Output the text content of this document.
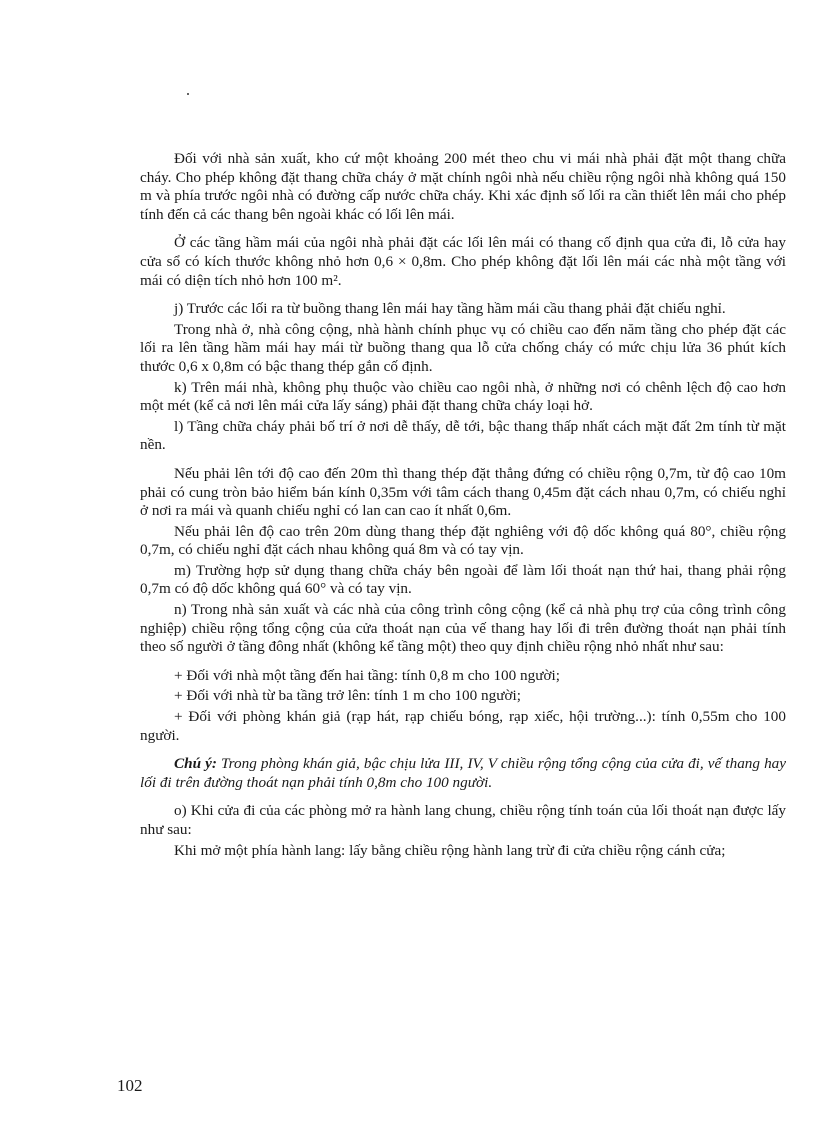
Đối với nhà sản xuất, kho cứ một khoảng 200 mét theo chu vi mái nhà phải đặt một thang chữa cháy. Cho phép không đặt thang chữa cháy ở mặt chính ngôi nhà nếu chiều rộng ngôi nhà không quá 150 m và phía trước ngôi nhà có đường cấp nước chữa cháy. Khi xác định số lối ra cần thiết lên mái cho phép tính đến cả các thang bên ngoài khác có lối lên mái.

Ở các tầng hầm mái của ngôi nhà phải đặt các lối lên mái có thang cố định qua cửa đi, lỗ cửa hay cửa sổ có kích thước không nhỏ hơn 0,6 × 0,8m. Cho phép không đặt lối lên mái các nhà một tầng với mái có diện tích nhỏ hơn 100 m².

j) Trước các lối ra từ buồng thang lên mái hay tầng hầm mái cầu thang phải đặt chiếu nghỉ.

Trong nhà ở, nhà công cộng, nhà hành chính phục vụ có chiều cao đến năm tầng cho phép đặt các lối ra lên tầng hầm mái hay mái từ buồng thang qua lỗ cửa chống cháy có mức chịu lửa 36 phút kích thước 0,6 x 0,8m có bậc thang thép gắn cố định.

k) Trên mái nhà, không phụ thuộc vào chiều cao ngôi nhà, ở những nơi có chênh lệch độ cao hơn một mét (kể cả nơi lên mái cửa lấy sáng) phải đặt thang chữa cháy loại hở.

l) Tầng chữa cháy phải bố trí ở nơi dễ thấy, dễ tới, bậc thang thấp nhất cách mặt đất 2m tính từ mặt nền.

Nếu phải lên tới độ cao đến 20m thì thang thép đặt thẳng đứng có chiều rộng 0,7m, từ độ cao 10m phải có cung tròn bảo hiểm bán kính 0,35m với tâm cách thang 0,45m đặt cách nhau 0,7m, có chiếu nghỉ ở nơi ra mái và quanh chiếu nghỉ có lan can cao ít nhất 0,6m.

Nếu phải lên độ cao trên 20m dùng thang thép đặt nghiêng với độ dốc không quá 80°, chiều rộng 0,7m, có chiếu nghỉ đặt cách nhau không quá 8m và có tay vịn.

m) Trường hợp sử dụng thang chữa cháy bên ngoài để làm lối thoát nạn thứ hai, thang phải rộng 0,7m có độ dốc không quá 60° và có tay vịn.

n) Trong nhà sản xuất và các nhà của công trình công cộng (kể cả nhà phụ trợ của công trình công nghiệp) chiều rộng tổng cộng của cửa thoát nạn của vế thang hay lối đi trên đường thoát nạn phải tính theo số người ở tầng đông nhất (không kể tầng một) theo quy định chiều rộng nhỏ nhất như sau:

+ Đối với nhà một tầng đến hai tầng: tính 0,8 m cho 100 người;

+ Đối với nhà từ ba tầng trở lên: tính 1 m cho 100 người;

+ Đối với phòng khán giả (rạp hát, rạp chiếu bóng, rạp xiếc, hội trường...): tính 0,55m cho 100 người.

Chú ý: Trong phòng khán giả, bậc chịu lửa III, IV, V chiều rộng tổng cộng của cửa đi, vế thang hay lối đi trên đường thoát nạn phải tính 0,8m cho 100 người.

o) Khi cửa đi của các phòng mở ra hành lang chung, chiều rộng tính toán của lối thoát nạn được lấy như sau:

Khi mở một phía hành lang: lấy bằng chiều rộng hành lang trừ đi cửa chiều rộng cánh cửa;

102
